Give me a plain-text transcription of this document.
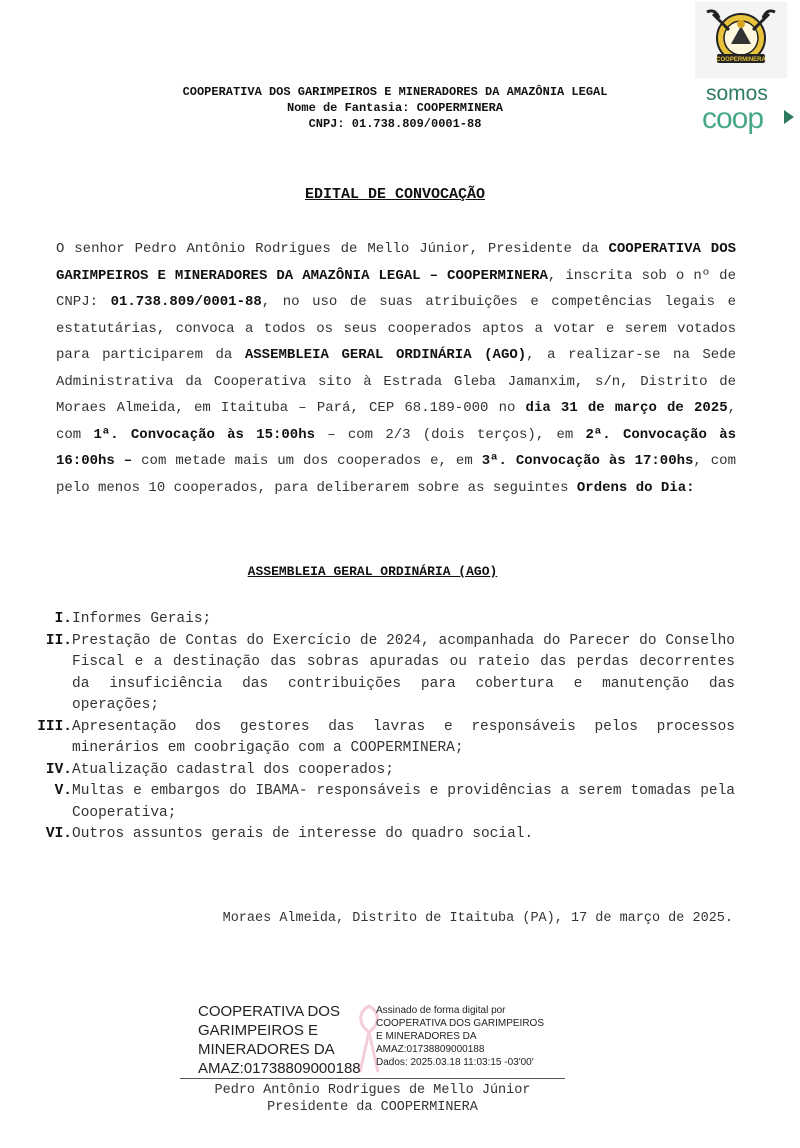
COOPERMINERA
somos
coop
COOPERATIVA DOS GARIMPEIROS E MINERADORES DA AMAZÔNIA LEGAL
Nome de Fantasia: COOPERMINERA
CNPJ: 01.738.809/0001-88
EDITAL DE CONVOCAÇÃO
O senhor Pedro Antônio Rodrigues de Mello Júnior, Presidente da COOPERATIVA DOS GARIMPEIROS E MINERADORES DA AMAZÔNIA LEGAL – COOPERMINERA, inscrita sob o nº de CNPJ: 01.738.809/0001-88, no uso de suas atribuições e competências legais e estatutárias, convoca a todos os seus cooperados aptos a votar e serem votados para participarem da ASSEMBLEIA GERAL ORDINÁRIA (AGO), a realizar-se na Sede Administrativa da Cooperativa sito à Estrada Gleba Jamanxim, s/n, Distrito de Moraes Almeida, em Itaituba – Pará, CEP 68.189-000 no dia 31 de março de 2025, com 1ª. Convocação às 15:00hs – com 2/3 (dois terços), em 2ª. Convocação às 16:00hs – com metade mais um dos cooperados e, em 3ª. Convocação às 17:00hs, com pelo menos 10 cooperados, para deliberarem sobre as seguintes Ordens do Dia:
ASSEMBLEIA GERAL ORDINÁRIA (AGO)
I. Informes Gerais;
II. Prestação de Contas do Exercício de 2024, acompanhada do Parecer do Conselho Fiscal e a destinação das sobras apuradas ou rateio das perdas decorrentes da insuficiência das contribuições para cobertura e manutenção das operações;
III. Apresentação dos gestores das lavras e responsáveis pelos processos minerários em coobrigação com a COOPERMINERA;
IV. Atualização cadastral dos cooperados;
V. Multas e embargos do IBAMA- responsáveis e providências a serem tomadas pela Cooperativa;
VI. Outros assuntos gerais de interesse do quadro social.
Moraes Almeida, Distrito de Itaituba (PA), 17 de março de 2025.
COOPERATIVA DOS GARIMPEIROS E MINERADORES DA AMAZ:01738809000188
Assinado de forma digital por
COOPERATIVA DOS GARIMPEIROS
E MINERADORES DA
AMAZ:01738809000188
Dados: 2025.03.18 11:03:15 -03'00'
Pedro Antônio Rodrigues de Mello Júnior
Presidente da COOPERMINERA
